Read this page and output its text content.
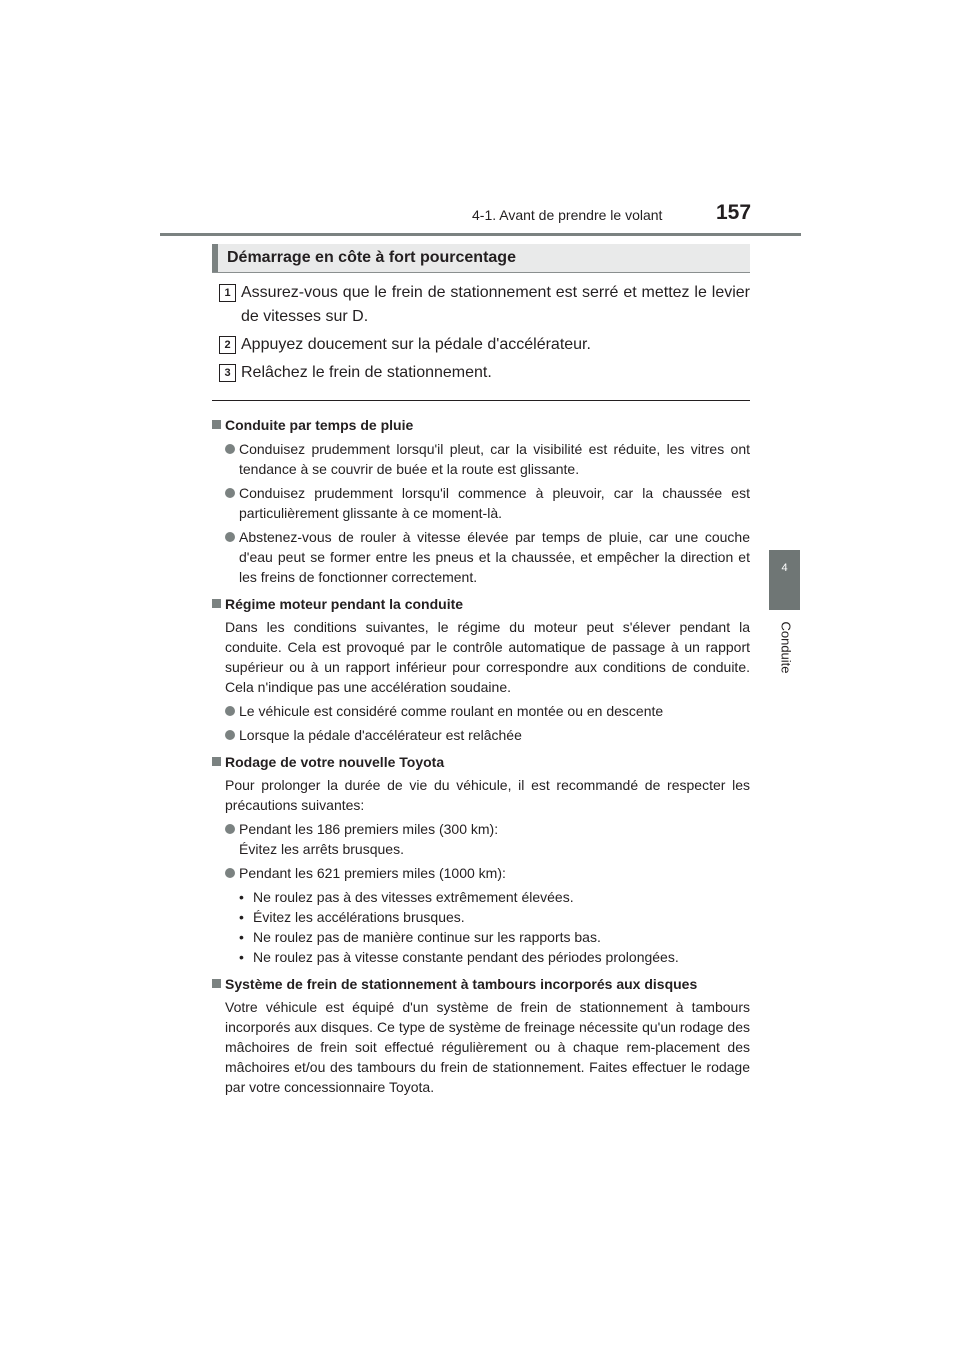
4-1. Avant de prendre le volant	157
4
Conduite
Démarrage en côte à fort pourcentage
1 Assurez-vous que le frein de stationnement est serré et mettez le levier de vitesses sur D.
2 Appuyez doucement sur la pédale d'accélérateur.
3 Relâchez le frein de stationnement.
Conduite par temps de pluie
Conduisez prudemment lorsqu'il pleut, car la visibilité est réduite, les vitres ont tendance à se couvrir de buée et la route est glissante.
Conduisez prudemment lorsqu'il commence à pleuvoir, car la chaussée est particulièrement glissante à ce moment-là.
Abstenez-vous de rouler à vitesse élevée par temps de pluie, car une couche d'eau peut se former entre les pneus et la chaussée, et empêcher la direction et les freins de fonctionner correctement.
Régime moteur pendant la conduite
Dans les conditions suivantes, le régime du moteur peut s'élever pendant la conduite. Cela est provoqué par le contrôle automatique de passage à un rapport supérieur ou à un rapport inférieur pour correspondre aux conditions de conduite. Cela n'indique pas une accélération soudaine.
Le véhicule est considéré comme roulant en montée ou en descente
Lorsque la pédale d'accélérateur est relâchée
Rodage de votre nouvelle Toyota
Pour prolonger la durée de vie du véhicule, il est recommandé de respecter les précautions suivantes:
Pendant les 186 premiers miles (300 km):
Évitez les arrêts brusques.
Pendant les 621 premiers miles (1000 km):
• Ne roulez pas à des vitesses extrêmement élevées.
• Évitez les accélérations brusques.
• Ne roulez pas de manière continue sur les rapports bas.
• Ne roulez pas à vitesse constante pendant des périodes prolongées.
Système de frein de stationnement à tambours incorporés aux disques
Votre véhicule est équipé d'un système de frein de stationnement à tambours incorporés aux disques. Ce type de système de freinage nécessite qu'un rodage des mâchoires de frein soit effectué régulièrement ou à chaque rem-placement des mâchoires et/ou des tambours du frein de stationnement. Faites effectuer le rodage par votre concessionnaire Toyota.
